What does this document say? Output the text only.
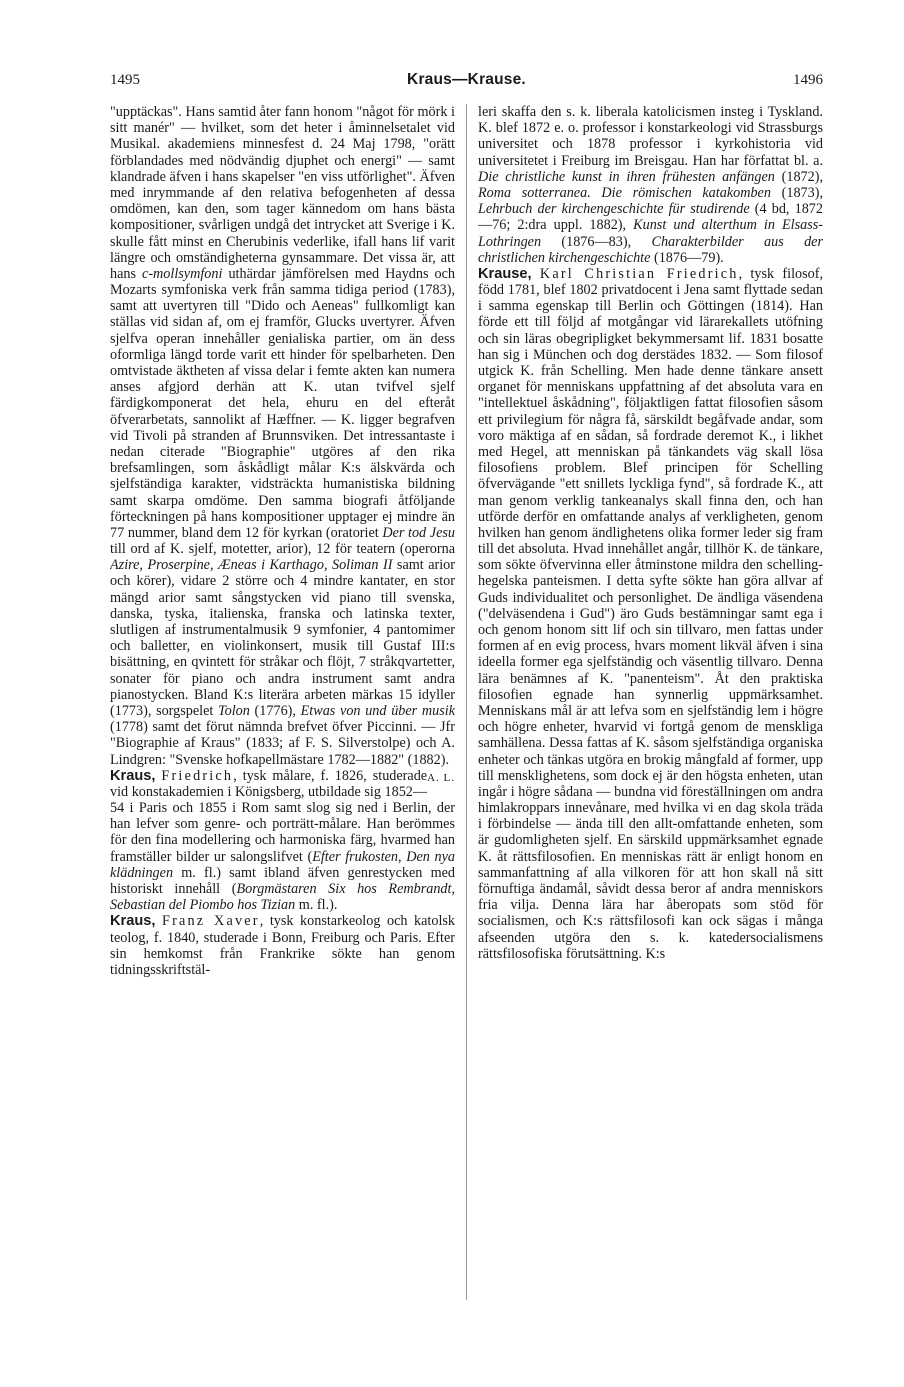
1495	Kraus—Krause.	1496

"upptäckas". Hans samtid åter fann honom "något för mörk i sitt manér" — hvilket, som det heter i åminnelsetalet vid Musikal. akademiens minnesfest d. 24 Maj 1798, "orätt förblandades med nödvändig djuphet och energi" — samt klandrade äfven i hans skapelser "en viss utförlighet". Äfven med inrymmande af den relativa befogenheten af dessa omdömen, kan den, som tager kännedom om hans bästa kompositioner, svårligen undgå det intrycket att Sverige i K. skulle fått minst en Cherubinis vederlike, ifall hans lif varit längre och omständigheterna gynsammare. Det vissa är, att hans c-mollsymfoni uthärdar jämförelsen med Haydns och Mozarts symfoniska verk från samma tidiga period (1783), samt att uvertyren till "Dido och Aeneas" fullkomligt kan ställas vid sidan af, om ej framför, Glucks uvertyrer. Äfven sjelfva operan innehåller genialiska partier, om än dess oformliga längd torde varit ett hinder för spelbarheten. Den omtvistade äktheten af vissa delar i femte akten kan numera anses afgjord derhän att K. utan tvifvel sjelf färdigkomponerat det hela, ehuru en del efteråt öfverarbetats, sannolikt af Hæffner. — K. ligger begrafven vid Tivoli på stranden af Brunnsviken. Det intressantaste i nedan citerade "Biographie" utgöres af den rika brefsamlingen, som åskådligt målar K:s älskvärda och sjelfständiga karakter, vidsträckta humanistiska bildning samt skarpa omdöme. Den samma biografi åtföljande förteckningen på hans kompositioner upptager ej mindre än 77 nummer, bland dem 12 för kyrkan (oratoriet Der tod Jesu till ord af K. sjelf, motetter, arior), 12 för teatern (operorna Azire, Proserpine, Æneas i Karthago, Soliman II samt arior och körer), vidare 2 större och 4 mindre kantater, en stor mängd arior samt sångstycken vid piano till svenska, danska, tyska, italienska, franska och latinska texter, slutligen af instrumentalmusik 9 symfonier, 4 pantomimer och balletter, en violinkonsert, musik till Gustaf III:s bisättning, en qvintett för stråkar och flöjt, 7 stråkqvartetter, sonater för piano och andra instrument samt andra pianostycken. Bland K:s literära arbeten märkas 15 idyller (1773), sorgspelet Tolon (1776), Etwas von und über musik (1778) samt det förut nämnda brefvet öfver Piccinni. — Jfr "Biographie af Kraus" (1833; af F. S. Silverstolpe) och A. Lindgren: "Svenske hofkapellmästare 1782—1882" (1882).
A. L.

Kraus, Friedrich, tysk målare, f. 1826, studerade vid konstakademien i Königsberg, utbildade sig 1852—54 i Paris och 1855 i Rom samt slog sig ned i Berlin, der han lefver som genre- och porträtt-målare. Han berömmes för den fina modellering och harmoniska färg, hvarmed han framställer bilder ur salongslifvet (Efter frukosten, Den nya klädningen m. fl.) samt ibland äfven genrestycken med historiskt innehåll (Borgmästaren Six hos Rembrandt, Sebastian del Piombo hos Tizian m. fl.).

Kraus, Franz Xaver, tysk konstarkeolog och katolsk teolog, f. 1840, studerade i Bonn, Freiburg och Paris. Efter sin hemkomst från Frankrike sökte han genom tidningsskriftstäl-

leri skaffa den s. k. liberala katolicismen insteg i Tyskland. K. blef 1872 e. o. professor i konstarkeologi vid Strassburgs universitet och 1878 professor i kyrkohistoria vid universitetet i Freiburg im Breisgau. Han har författat bl. a. Die christliche kunst in ihren frühesten anfängen (1872), Roma sotterranea. Die römischen katakomben (1873), Lehrbuch der kirchengeschichte für studirende (4 bd, 1872—76; 2:dra uppl. 1882), Kunst und alterthum in Elsass-Lothringen (1876—83), Charakterbilder aus der christlichen kirchengeschichte (1876—79).

Krause, Karl Christian Friedrich, tysk filosof, född 1781, blef 1802 privatdocent i Jena samt flyttade sedan i samma egenskap till Berlin och Göttingen (1814). Han förde ett till följd af motgångar vid lärarekallets utöfning och sin läras obegripligket bekymmersamt lif. 1831 bosatte han sig i München och dog derstädes 1832. — Som filosof utgick K. från Schelling. Men hade denne tänkare ansett organet för menniskans uppfattning af det absoluta vara en "intellektuel åskådning", följaktligen fattat filosofien såsom ett privilegium för några få, särskildt begåfvade andar, som voro mäktiga af en sådan, så fordrade deremot K., i likhet med Hegel, att menniskan på tänkandets väg skall lösa filosofiens problem. Blef principen för Schelling öfvervägande "ett snillets lyckliga fynd", så fordrade K., att man genom verklig tankeanalys skall finna den, och han utförde derför en omfattande analys af verkligheten, genom hvilken han genom ändlighetens olika former leder sig fram till det absoluta. Hvad innehållet angår, tillhör K. de tänkare, som sökte öfvervinna eller åtminstone mildra den schelling-hegelska panteismen. I detta syfte sökte han göra allvar af Guds individualitet och personlighet. De ändliga väsendena ("delväsendena i Gud") äro Guds bestämningar samt ega i och genom honom sitt lif och sin tillvaro, men fattas under formen af en evig process, hvars moment likväl äfven i sina ideella former ega sjelfständig och väsentlig tillvaro. Denna lära benämnes af K. "panenteism". Åt den praktiska filosofien egnade han synnerlig uppmärksamhet. Menniskans mål är att lefva som en sjelfständig lem i högre och högre enheter, hvarvid vi fortgå genom de menskliga samhällena. Dessa fattas af K. såsom sjelfständiga organiska enheter och tänkas utgöra en brokig mångfald af former, upp till mensklighetens, som dock ej är den högsta enheten, utan ingår i högre sådana — bundna vid föreställningen om andra himlakroppars innevånare, med hvilka vi en dag skola träda i förbindelse — ända till den allt-omfattande enheten, som är gudomligheten sjelf. En särskild uppmärksamhet egnade K. åt rättsfilosofien. En menniskas rätt är enligt honom en sammanfattning af alla vilkoren för att hon skall nå sitt förnuftiga ändamål, såvidt dessa beror af andra menniskors fria vilja. Denna lära har åberopats som stöd för socialismen, och K:s rättsfilosofi kan ock sägas i många afseenden utgöra den s. k. katedersocialismens rättsfilosofiska förutsättning. K:s
